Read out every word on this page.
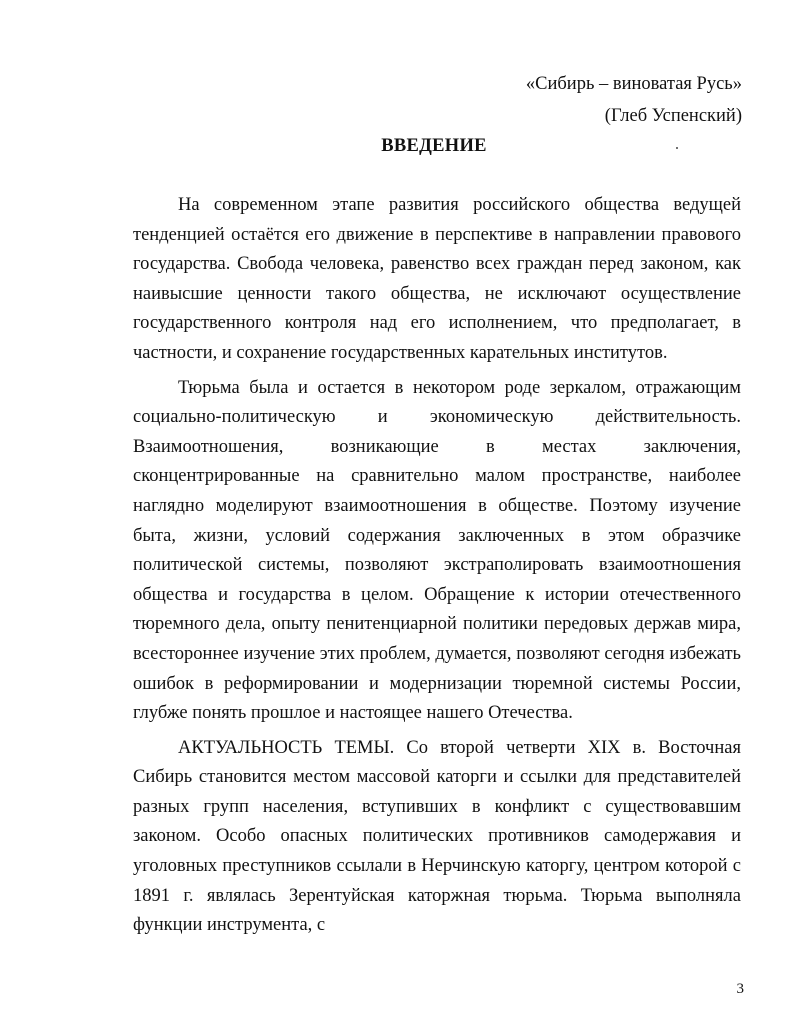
«Сибирь – виноватая Русь»
(Глеб Успенский)
ВВЕДЕНИЕ

На современном этапе развития российского общества ведущей тенденцией остаётся его движение в перспективе в направлении правового государства. Свобода человека, равенство всех граждан перед законом, как наивысшие ценности такого общества, не исключают осуществление государственного контроля над его исполнением, что предполагает, в частности, и сохранение государственных карательных институтов.

Тюрьма была и остается в некотором роде зеркалом, отражающим социально-политическую и экономическую действительность. Взаимоотношения, возникающие в местах заключения, сконцентрированные на сравнительно малом пространстве, наиболее наглядно моделируют взаимоотношения в обществе. Поэтому изучение быта, жизни, условий содержания заключенных в этом образчике политической системы, позволяют экстраполировать взаимоотношения общества и государства в целом. Обращение к истории отечественного тюремного дела, опыту пенитенциарной политики передовых держав мира, всестороннее изучение этих проблем, думается, позволяют сегодня избежать ошибок в реформировании и модернизации тюремной системы России, глубже понять прошлое и настоящее нашего Отечества.

АКТУАЛЬНОСТЬ ТЕМЫ. Со второй четверти XIX в. Восточная Сибирь становится местом массовой каторги и ссылки для представителей разных групп населения, вступивших в конфликт с существовавшим законом. Особо опасных политических противников самодержавия и уголовных преступников ссылали в Нерчинскую каторгу, центром которой с 1891 г. являлась Зерентуйская каторжная тюрьма. Тюрьма выполняла функции инструмента, с

3
